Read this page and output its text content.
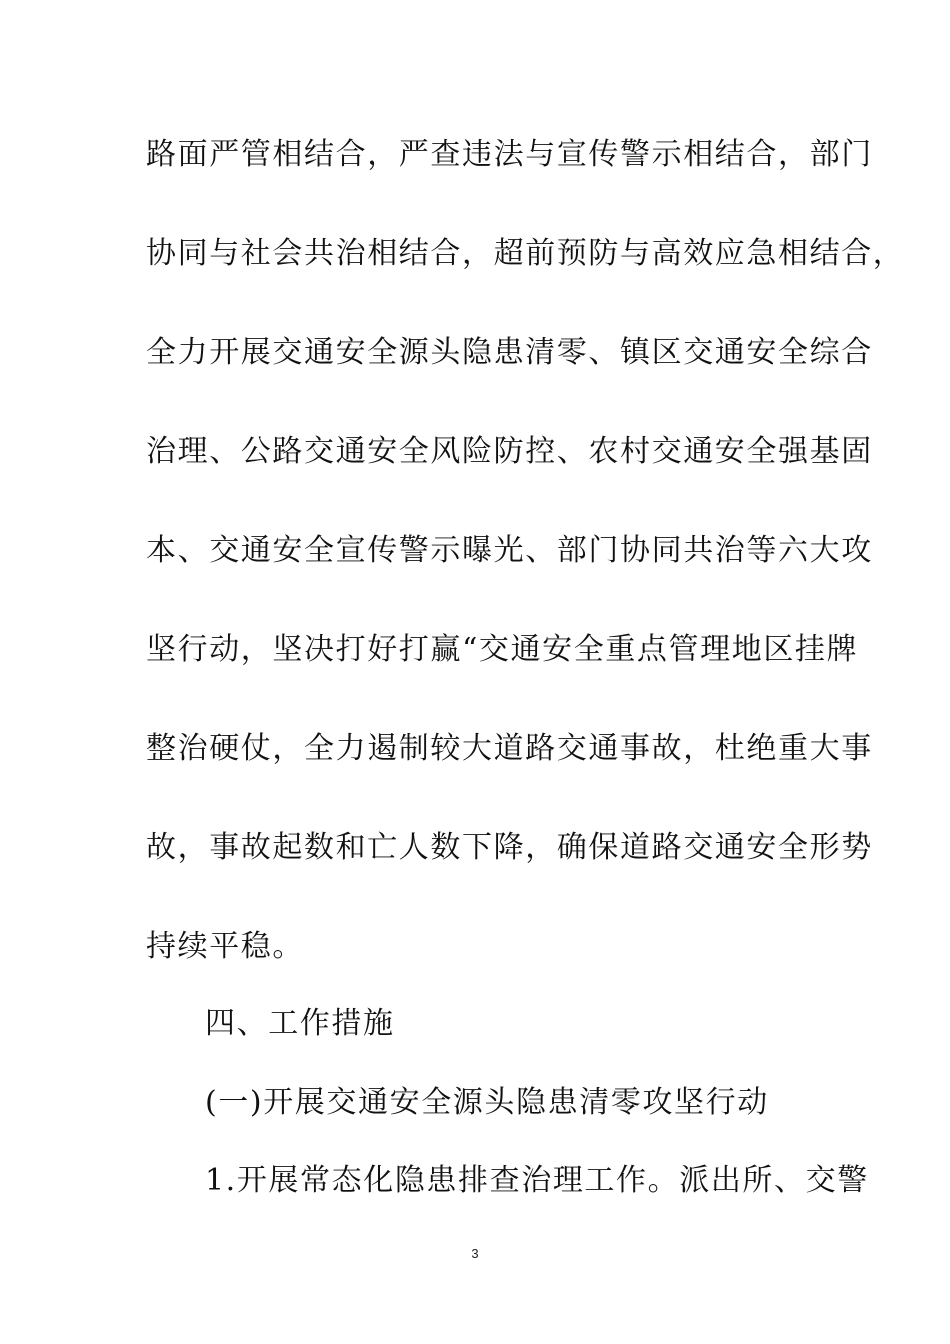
路面严管相结合，严查违法与宣传警示相结合，部门
协同与社会共治相结合，超前预防与高效应急相结合，
全力开展交通安全源头隐患清零、镇区交通安全综合
治理、公路交通安全风险防控、农村交通安全强基固
本、交通安全宣传警示曝光、部门协同共治等六大攻
坚行动，坚决打好打赢“交通安全重点管理地区挂牌
整治硬仗，全力遏制较大道路交通事故，杜绝重大事
故，事故起数和亡人数下降，确保道路交通安全形势
持续平稳。
四、工作措施
(一)开展交通安全源头隐患清零攻坚行动
1.开展常态化隐患排查治理工作。派出所、交警
3
